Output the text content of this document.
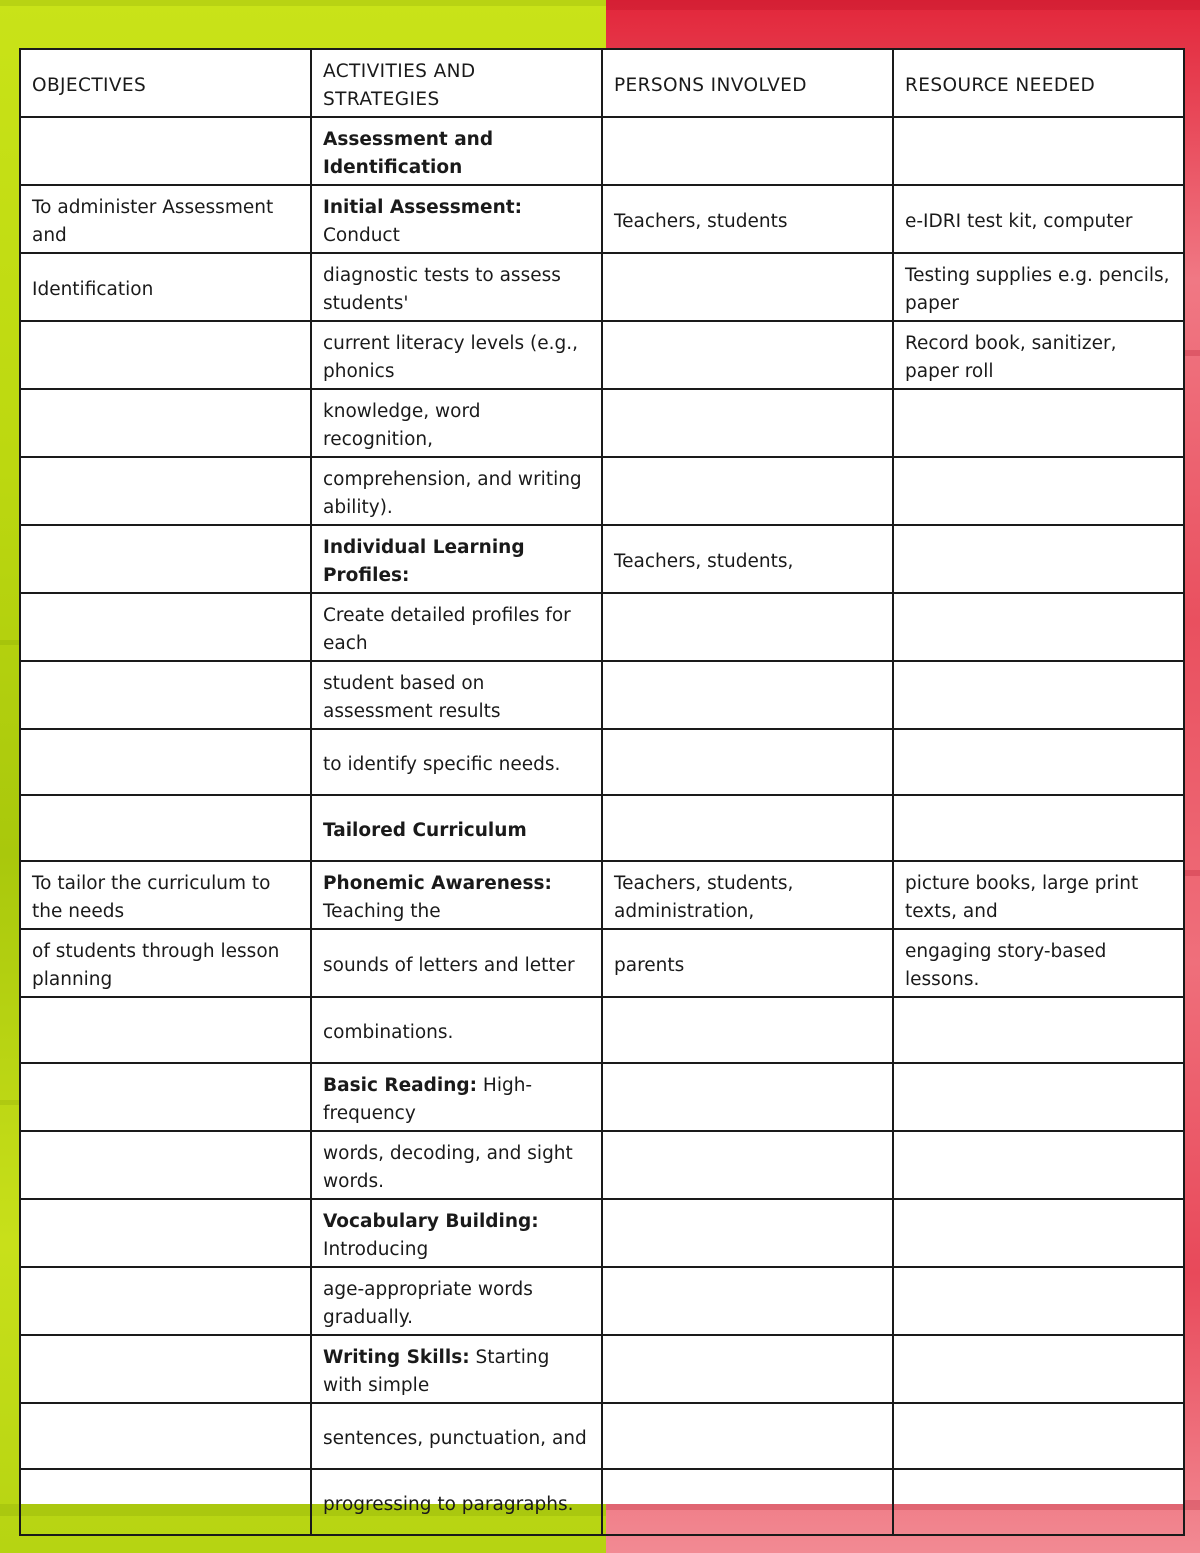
OBJECTIVES	ACTIVITIES AND STRATEGIES	PERSONS INVOLVED	RESOURCE NEEDED
	Assessment and Identification		
To administer Assessment and	Initial Assessment: Conduct	Teachers, students	e-IDRI test kit, computer
Identification	diagnostic tests to assess students'		Testing supplies e.g. pencils, paper
	current literacy levels (e.g., phonics		Record book, sanitizer, paper roll
	knowledge, word recognition,		
	comprehension, and writing ability).		
	Individual Learning Profiles:	Teachers, students,	
	Create detailed profiles for each		
	student based on assessment results		
	to identify specific needs.		
	Tailored Curriculum		
To tailor the curriculum to the needs	Phonemic Awareness: Teaching the	Teachers, students, administration,	picture books, large print texts, and
of students through lesson planning	sounds of letters and letter	parents	engaging story-based lessons.
	combinations.		
	Basic Reading: High-frequency		
	words, decoding, and sight words.		
	Vocabulary Building: Introducing		
	age-appropriate words gradually.		
	Writing Skills: Starting with simple		
	sentences, punctuation, and		
	progressing to paragraphs.		
